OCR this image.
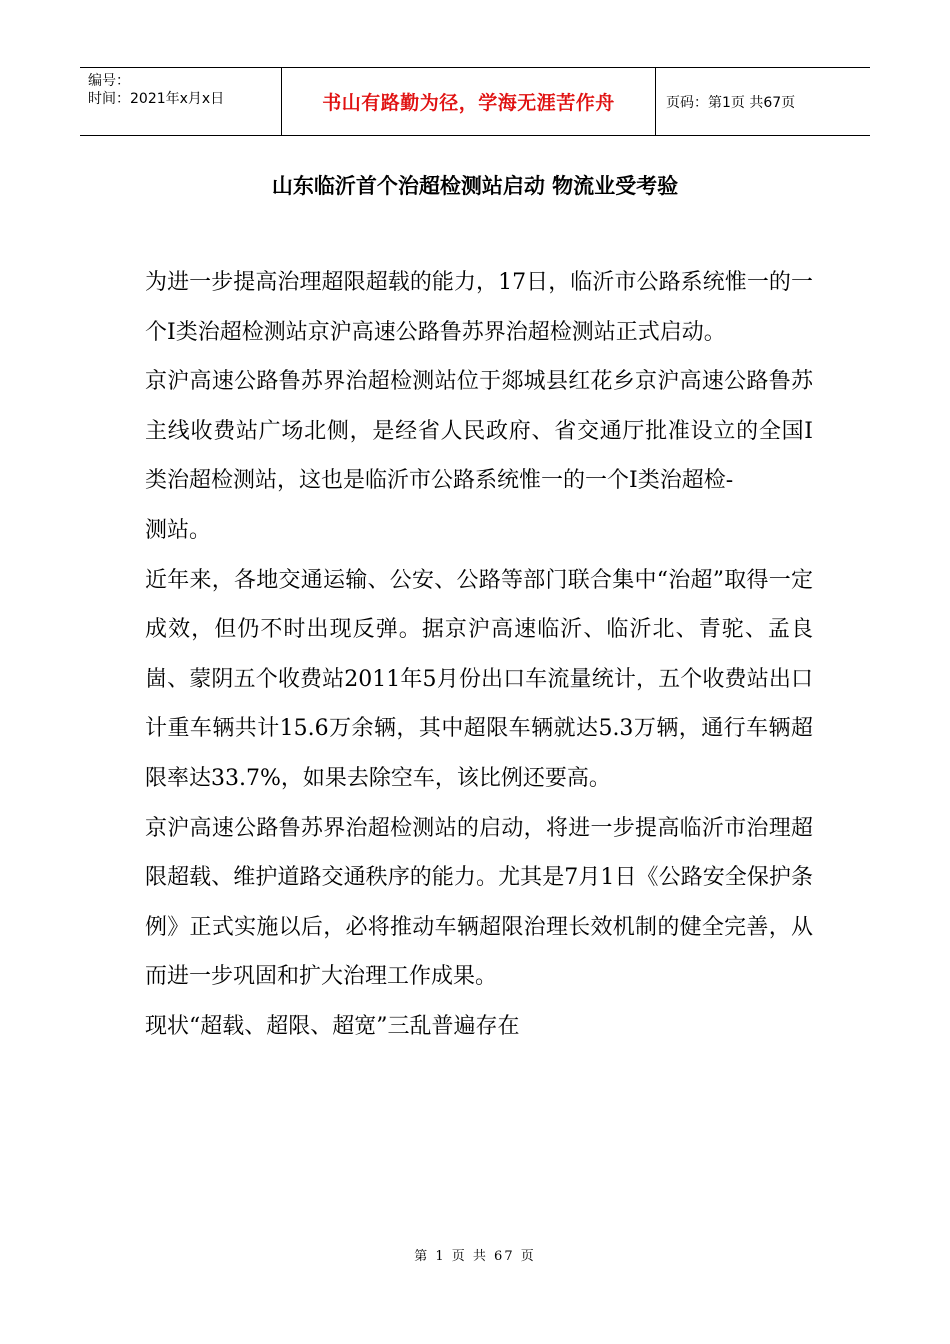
编号：
时间：2021年x月x日	书山有路勤为径，学海无涯苦作舟	页码：第1页 共67页
山东临沂首个治超检测站启动 物流业受考验

为进一步提高治理超限超载的能力，17日，临沂市公路系统惟一的一个I类治超检测站京沪高速公路鲁苏界治超检测站正式启动。

京沪高速公路鲁苏界治超检测站位于郯城县红花乡京沪高速公路鲁苏主线收费站广场北侧，是经省人民政府、省交通厅批准设立的全国I类治超检测站，这也是临沂市公路系统惟一的一个I类治超检-

测站。

近年来，各地交通运输、公安、公路等部门联合集中“治超”取得一定成效，但仍不时出现反弹。据京沪高速临沂、临沂北、青驼、孟良崮、蒙阴五个收费站2011年5月份出口车流量统计，五个收费站出口计重车辆共计15.6万余辆，其中超限车辆就达5.3万辆，通行车辆超限率达33.7%，如果去除空车，该比例还要高。

京沪高速公路鲁苏界治超检测站的启动，将进一步提高临沂市治理超限超载、维护道路交通秩序的能力。尤其是7月1日《公路安全保护条例》正式实施以后，必将推动车辆超限治理长效机制的健全完善，从而进一步巩固和扩大治理工作成果。

现状“超载、超限、超宽”三乱普遍存在

第 1 页 共 67 页
